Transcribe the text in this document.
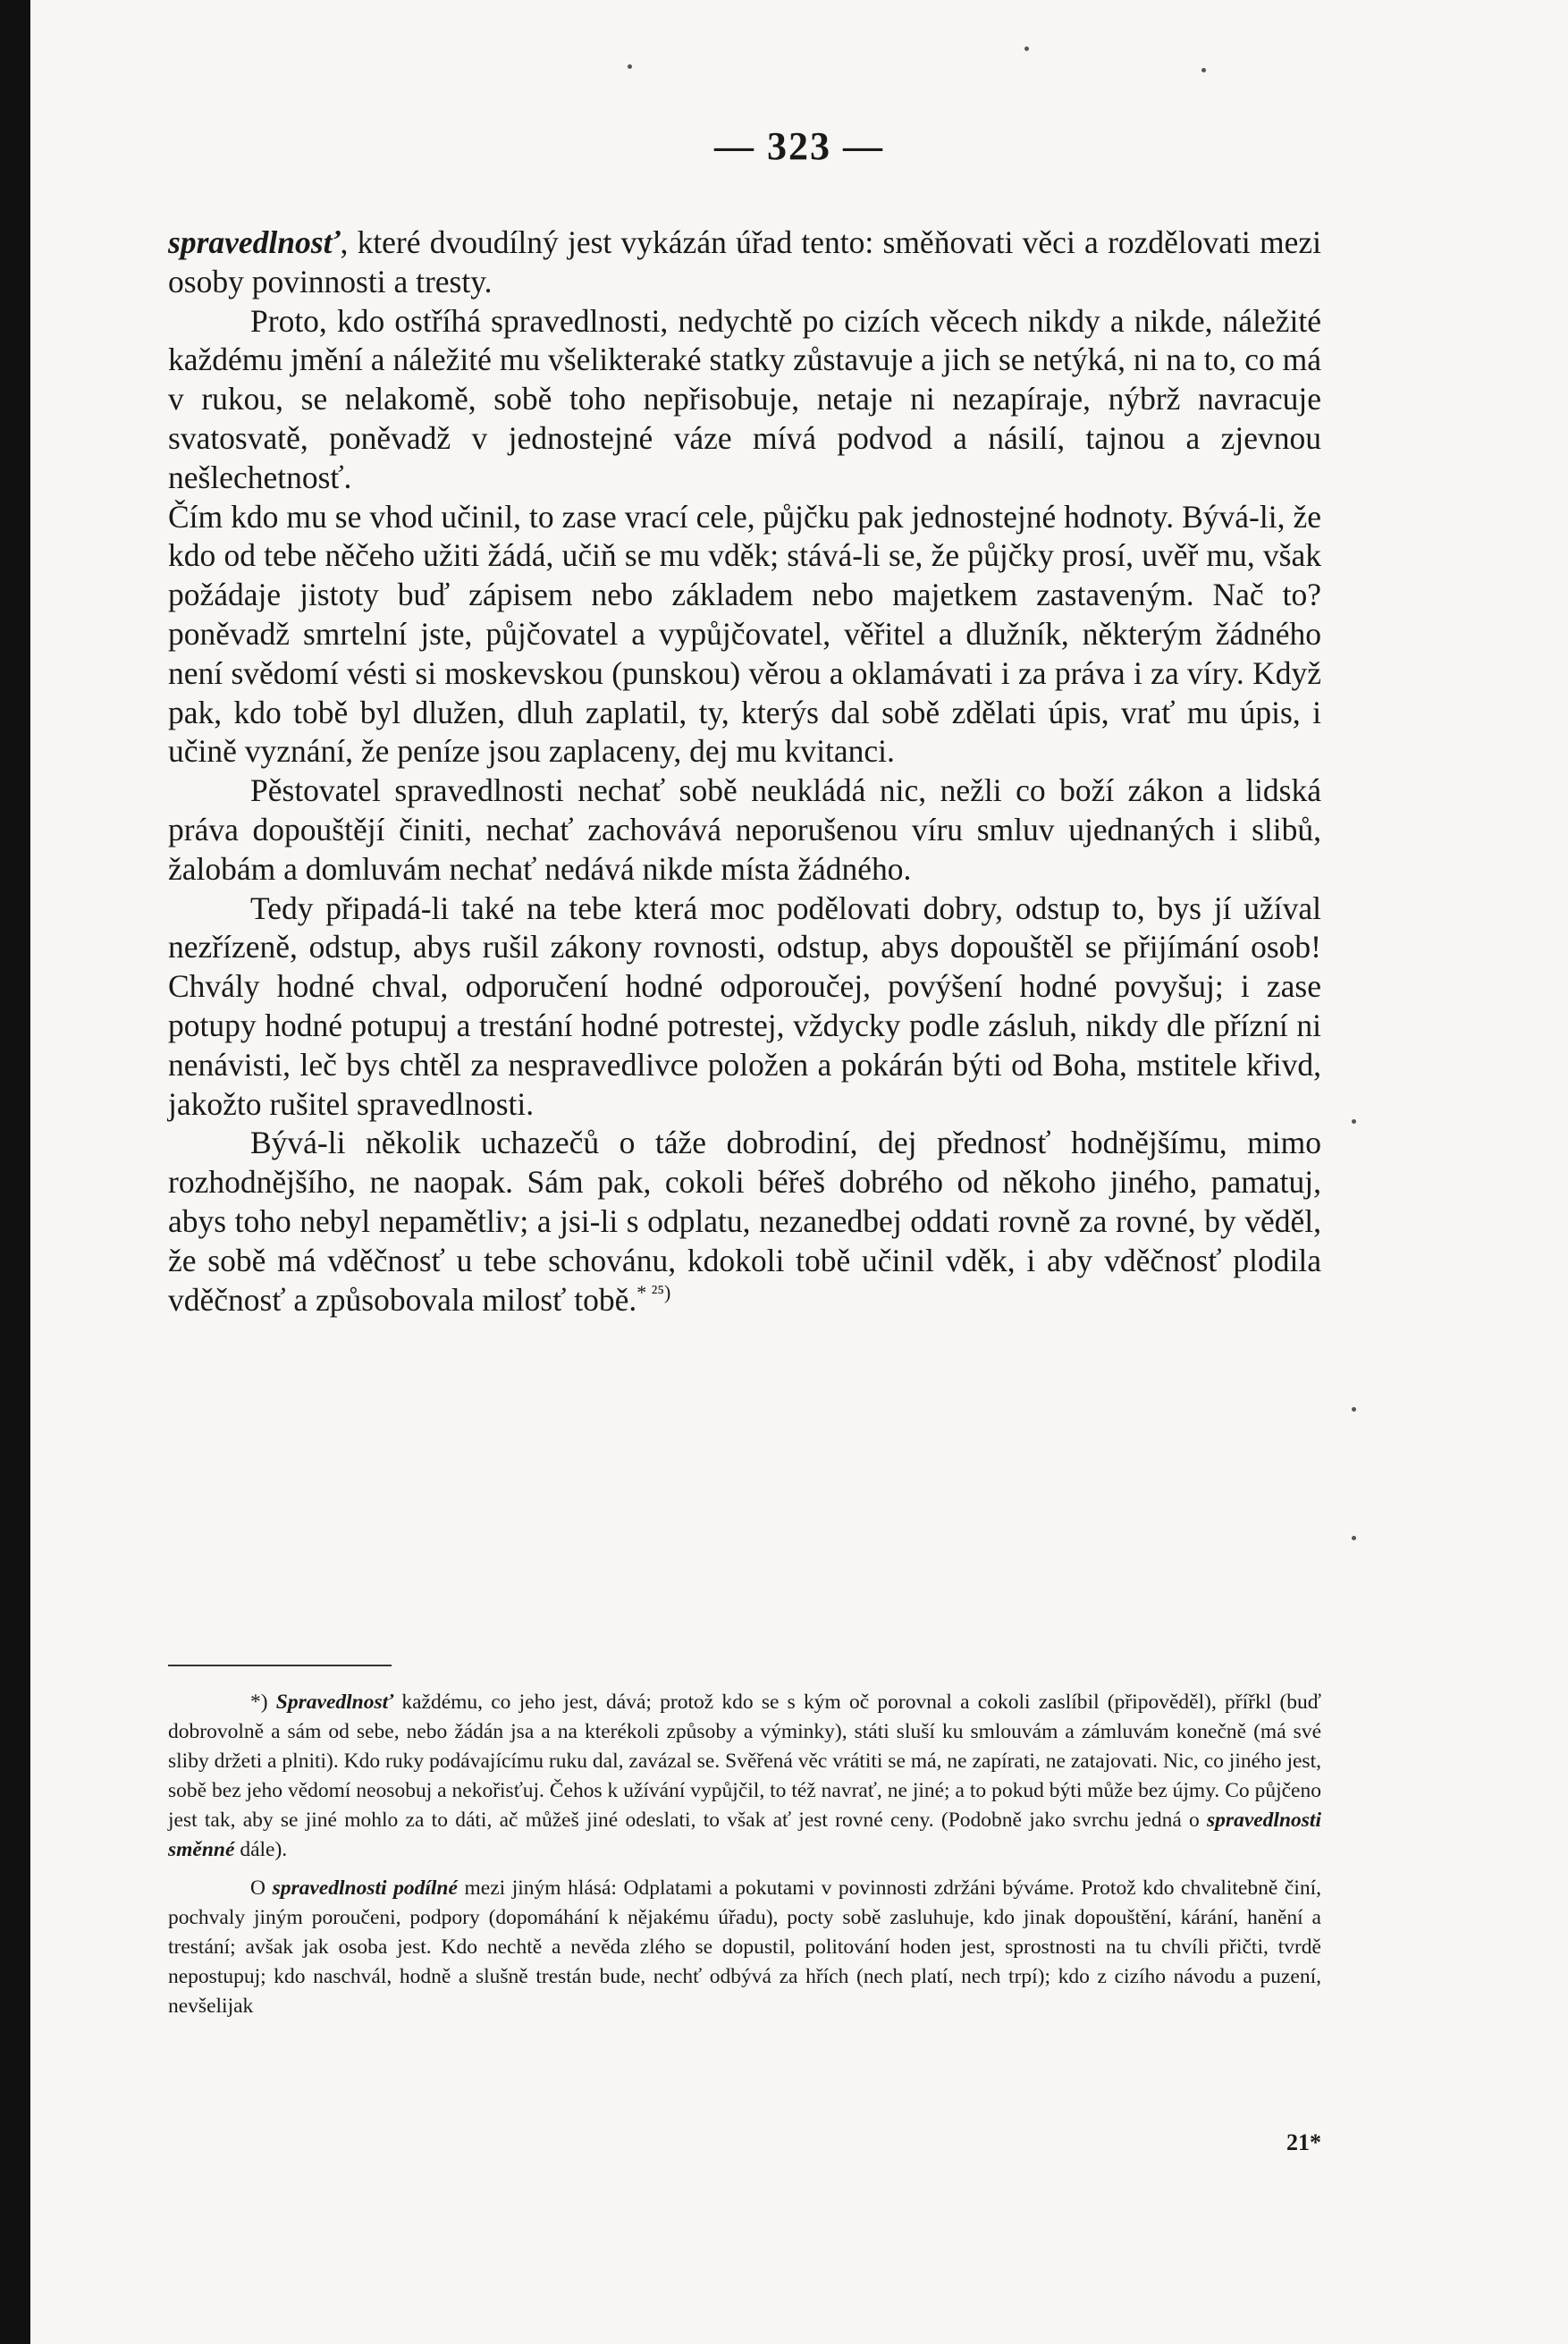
— 323 —

spravedlnosť, které dvoudílný jest vykázán úřad tento: směňovati věci a rozdělovati mezi osoby povinnosti a tresty.

Proto, kdo ostříhá spravedlnosti, nedychtě po cizích věcech nikdy a nikde, náležité každému jmění a náležité mu všelikteraké statky zůstavuje a jich se netýká, ni na to, co má v rukou, se nelakomě, sobě toho nepřisobuje, netaje ni nezapíraje, nýbrž navracuje svatosvatě, poněvadž v jednostejné váze mívá podvod a násilí, tajnou a zjevnou nešlechetnosť.

Čím kdo mu se vhod učinil, to zase vrací cele, půjčku pak jednostejné hodnoty. Bývá-li, že kdo od tebe něčeho užiti žádá, učiň se mu vděk; stává-li se, že půjčky prosí, uvěř mu, však požádaje jistoty buď zápisem nebo základem nebo majetkem zastaveným. Nač to? poněvadž smrtelní jste, půjčovatel a vypůjčovatel, věřitel a dlužník, některým žádného není svědomí vésti si moskevskou (punskou) věrou a oklamávati i za práva i za víry. Když pak, kdo tobě byl dlužen, dluh zaplatil, ty, kterýs dal sobě zdělati úpis, vrať mu úpis, i učině vyznání, že peníze jsou zaplaceny, dej mu kvitanci.

Pěstovatel spravedlnosti nechať sobě neukládá nic, nežli co boží zákon a lidská práva dopouštějí činiti, nechať zachovává neporušenou víru smluv ujednaných i slibů, žalobám a domluvám nechať nedává nikde místa žádného.

Tedy připadá-li také na tebe která moc podělovati dobry, odstup to, bys jí užíval nezřízeně, odstup, abys rušil zákony rovnosti, odstup, abys dopouštěl se přijímání osob! Chvály hodné chval, odporučení hodné odporoučej, povýšení hodné povyšuj; i zase potupy hodné potupuj a trestání hodné potrestej, vždycky podle zásluh, nikdy dle přízní ni nenávisti, leč bys chtěl za nespravedlivce položen a pokárán býti od Boha, mstitele křivd, jakožto rušitel spravedlnosti.

Bývá-li několik uchazečů o táže dobrodiní, dej přednosť hodnějšímu, mimo rozhodnějšího, ne naopak. Sám pak, cokoli béřeš dobrého od někoho jiného, pamatuj, abys toho nebyl nepamětliv; a jsi-li s odplatu, nezanedbej oddati rovně za rovné, by věděl, že sobě má vděčnosť u tebe schovánu, kdokoli tobě učinil vděk, i aby vděčnosť plodila vděčnosť a způsobovala milosť tobě.$^{* ^{25})}$

*) Spravedlnosť každému, co jeho jest, dává; protož kdo se s kým oč porovnal a cokoli zaslíbil (připověděl), přířkl (buď dobrovolně a sám od sebe, nebo žádán jsa a na kterékoli způsoby a výminky), státi sluší ku smlouvám a zámluvám konečně (má své sliby držeti a plniti). Kdo ruky podávajícímu ruku dal, zavázal se. Svěřená věc vrátiti se má, ne zapírati, ne zatajovati. Nic, co jiného jest, sobě bez jeho vědomí neosobuj a nekořisťuj. Čehos k užívání vypůjčil, to též navrať, ne jiné; a to pokud býti může bez újmy. Co půjčeno jest tak, aby se jiné mohlo za to dáti, ač můžeš jiné odeslati, to však ať jest rovné ceny. (Podobně jako svrchu jedná o spravedlnosti směnné dále).

O spravedlnosti podílné mezi jiným hlásá: Odplatami a pokutami v povinnosti zdržáni býváme. Protož kdo chvalitebně činí, pochvaly jiným poroučeni, podpory (dopomáhání k nějakému úřadu), pocty sobě zasluhuje, kdo jinak dopouštění, kárání, hanění a trestání; avšak jak osoba jest. Kdo nechtě a nevěda zlého se dopustil, politování hoden jest, sprostnosti na tu chvíli přičti, tvrdě nepostupuj; kdo naschvál, hodně a slušně trestán bude, nechť odbývá za hřích (nech platí, nech trpí); kdo z cizího návodu a puzení, nevšelijak

21*
